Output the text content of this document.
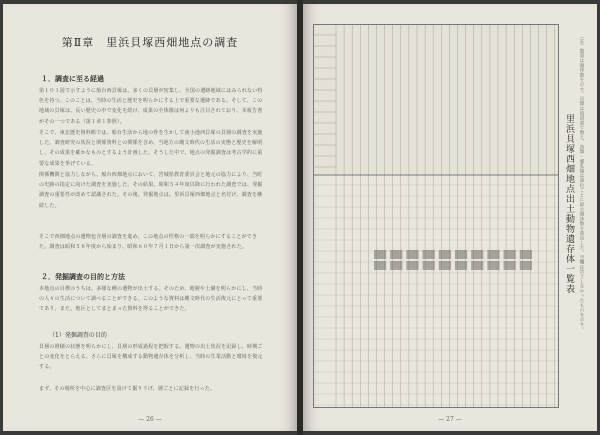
第Ⅱ章　里浜貝塚西畑地点の調査
１．調査に至る経過
第１０１図で示すように船台西貝塚は、多くの貝層が密集し、全国の遺跡地域にはみられない特色を持つ。このことは、当時の生活と歴史を明らかにする上で重要な遺跡である。そして、この地域の貝塚は、長い歴史の中で変化を続け、成果の全体像は何よりも注目されており、本報告書がその一つである（第１章１参照）。
そこで、東北歴史資料館では、船台生活から地の骨を生かして南小池西貝塚の貝層の調査を実施した。調査研究の状況と関係資料との関係を含め、当地方の縄文時代の生活の実態と歴史を解明し、その成果を確かなものとするよう計画した。そうした中で、地点の発掘調査は考古学的に重要な成果を挙げている。
関係機関と協力しながら、船台西畑地点において、宮城県教育委員会と地元の協力により、当町の史跡の指定に向けた調査を実施した。その結果、昭和５４年度以降に行われた調査では、発掘調査の重要性が改めて認識された。その後、発掘地点は、里浜貝塚西畑地点と名付け、調査を継続した。
そこで西畑地点の遺物包含層の調査を進め、この地点の性格の一端を明らかにすることができた。調査は昭和５８年度から始まり、昭和６０年７月１日から第一次調査が実施された。
２．発掘調査の目的と方法
本地点の目標のうちは、多様な種の遺物が出土する。そのため、地層や土壌を明らかにし、当時の人々の生活について調べることができる。このような資料は縄文時代の生活復元にとって重要であり、また、地区としてまとまった資料を得ることができた。
（1）発掘調査の目的
貝層の堆積の状態を明らかにし、貝層の形成過程を把握する。遺物の出土状況を記録し、時期ごとの変化をとらえる。さらに貝塚を構成する動物遺存体を分析し、当時の生業活動と環境を復元する。
まず、その場所を中心に調査区を設けて掘り下げ、層ごとに記録を行った。
— 26 —
里浜貝塚西畑地点出土動物遺存体一覧表	（註）数量は個体数を示す。貝類は殻頂部で数え、魚類・哺乳類は部位ごとに最小個体数を算出した。空欄は出土しなかったものを示す。
— 27 —
